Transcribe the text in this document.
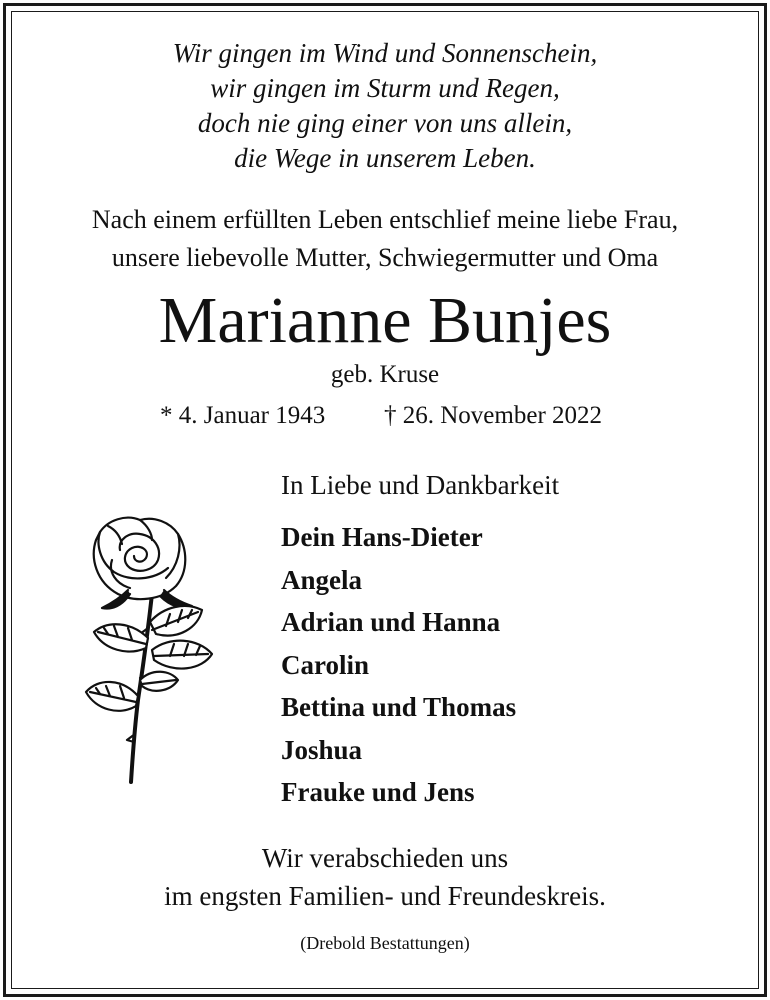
Wir gingen im Wind und Sonnenschein,
wir gingen im Sturm und Regen,
doch nie ging einer von uns allein,
die Wege in unserem Leben.
Nach einem erfüllten Leben entschlief meine liebe Frau,
unsere liebevolle Mutter, Schwiegermutter und Oma
Marianne Bunjes
geb. Kruse
* 4. Januar 1943 † 26. November 2022
In Liebe und Dankbarkeit
Dein Hans-Dieter
Angela
Adrian und Hanna
Carolin
Bettina und Thomas
Joshua
Frauke und Jens
Wir verabschieden uns
im engsten Familien- und Freundeskreis.
(Drebold Bestattungen)
